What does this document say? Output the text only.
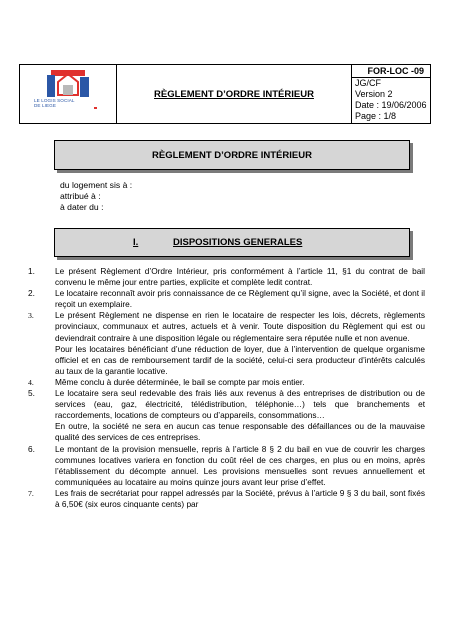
LE LOGIS SOCIAL
DE LIEGE
RÈGLEMENT D’ORDRE INTÉRIEUR
FOR-LOC -09
JG/CF
Version 2
Date : 19/06/2006
Page : 1/8
RÈGLEMENT D’ORDRE INTÉRIEUR
du logement sis à :
attribué à :
à dater du :
I.	DISPOSITIONS GENERALES
1.	Le présent Règlement d’Ordre Intérieur, pris conformément à l’article 11, §1 du contrat de bail convenu le même jour entre parties, explicite et complète ledit contrat.

2.	Le locataire reconnaît avoir pris connaissance de ce Règlement qu’il signe, avec la Société, et dont il reçoit un exemplaire.

3.	Le présent Règlement ne dispense en rien le locataire de respecter les lois, décrets, règlements provinciaux, communaux et autres, actuels et à venir. Toute disposition du Règlement qui est ou deviendrait contraire à une disposition légale ou réglementaire sera réputée nulle et non avenue.

Pour les locataires bénéficiant d’une réduction de loyer, due à l’intervention de quelque organisme officiel et en cas de remboursement tardif de la société, celui-ci sera producteur d’intérêts calculés au taux de la garantie locative.

4.	Même conclu à durée déterminée, le bail se compte par mois entier.

5.	Le locataire sera seul redevable des frais liés aux revenus à des entreprises de distribution ou de services (eau, gaz, électricité, télédistribution, téléphonie…) tels que branchements et raccordements, locations de compteurs ou d’appareils, consommations…

En outre, la société ne sera en aucun cas tenue responsable des défaillances ou de la mauvaise qualité des services de ces entreprises.

6.	Le montant de la provision mensuelle, repris à l’article 8 § 2 du bail en vue de couvrir les charges communes locatives variera en fonction du coût réel de ces charges, en plus ou en moins, après l’établissement du décompte annuel. Les provisions mensuelles sont revues annuellement et communiquées au locataire au moins quinze jours avant leur prise d’effet.

7.	Les frais de secrétariat pour rappel adressés par la Société, prévus à l’article 9 § 3 du bail, sont fixés à 6,50€ (six euros cinquante cents) par
